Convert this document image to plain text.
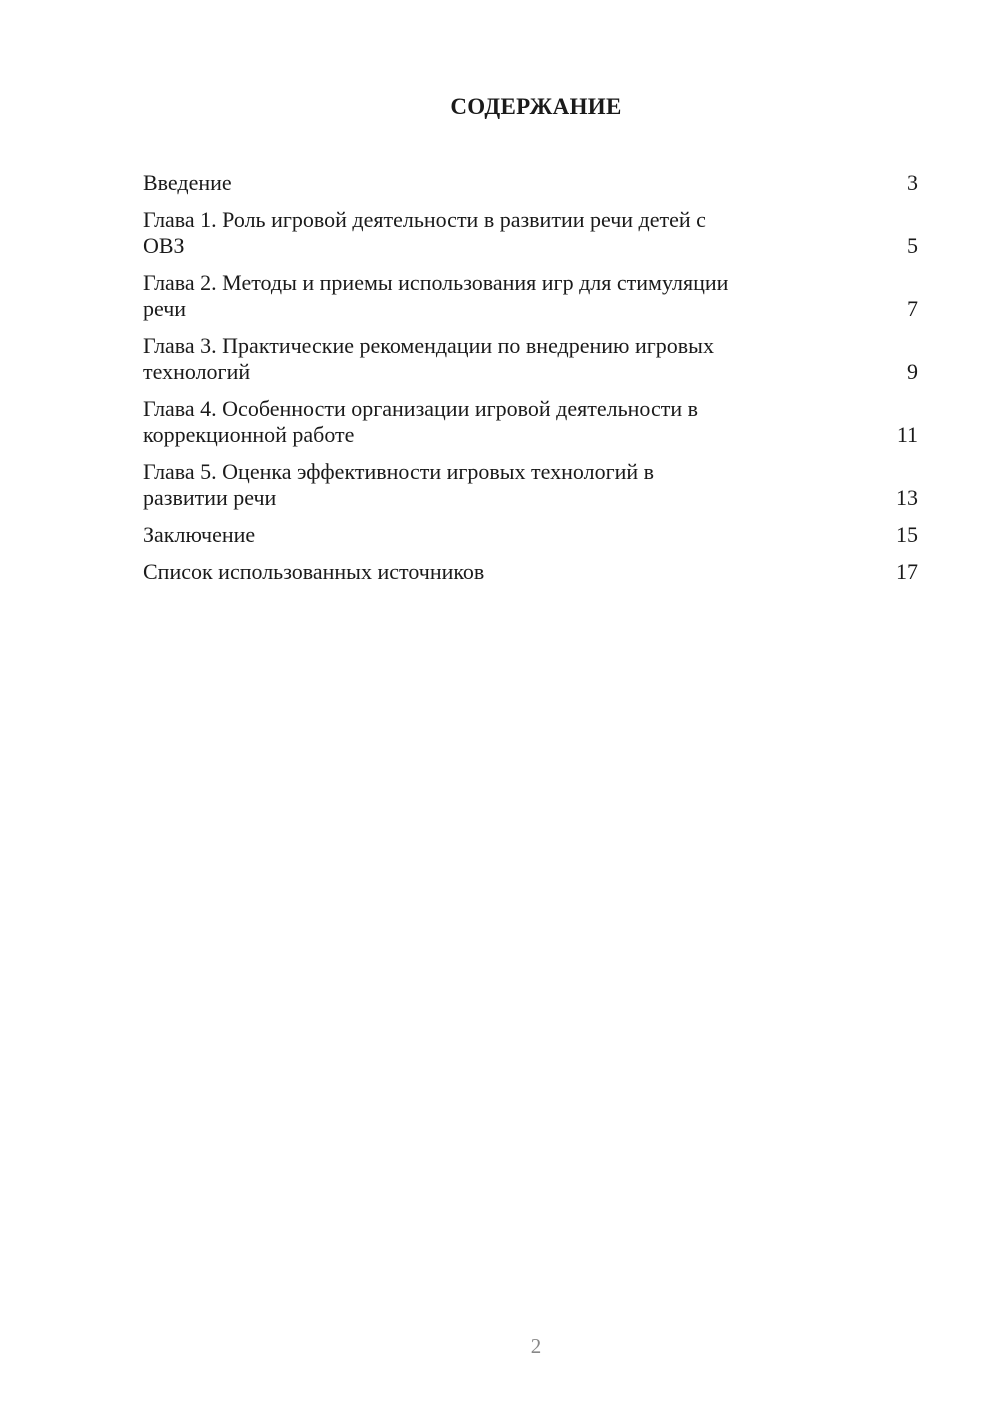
СОДЕРЖАНИЕ
Введение	3
Глава 1. Роль игровой деятельности в развитии речи детей с
ОВЗ	5
Глава 2. Методы и приемы использования игр для стимуляции
речи	7
Глава 3. Практические рекомендации по внедрению игровых
технологий	9
Глава 4. Особенности организации игровой деятельности в
коррекционной работе	11
Глава 5. Оценка эффективности игровых технологий в
развитии речи	13
Заключение	15
Список использованных источников	17
2
